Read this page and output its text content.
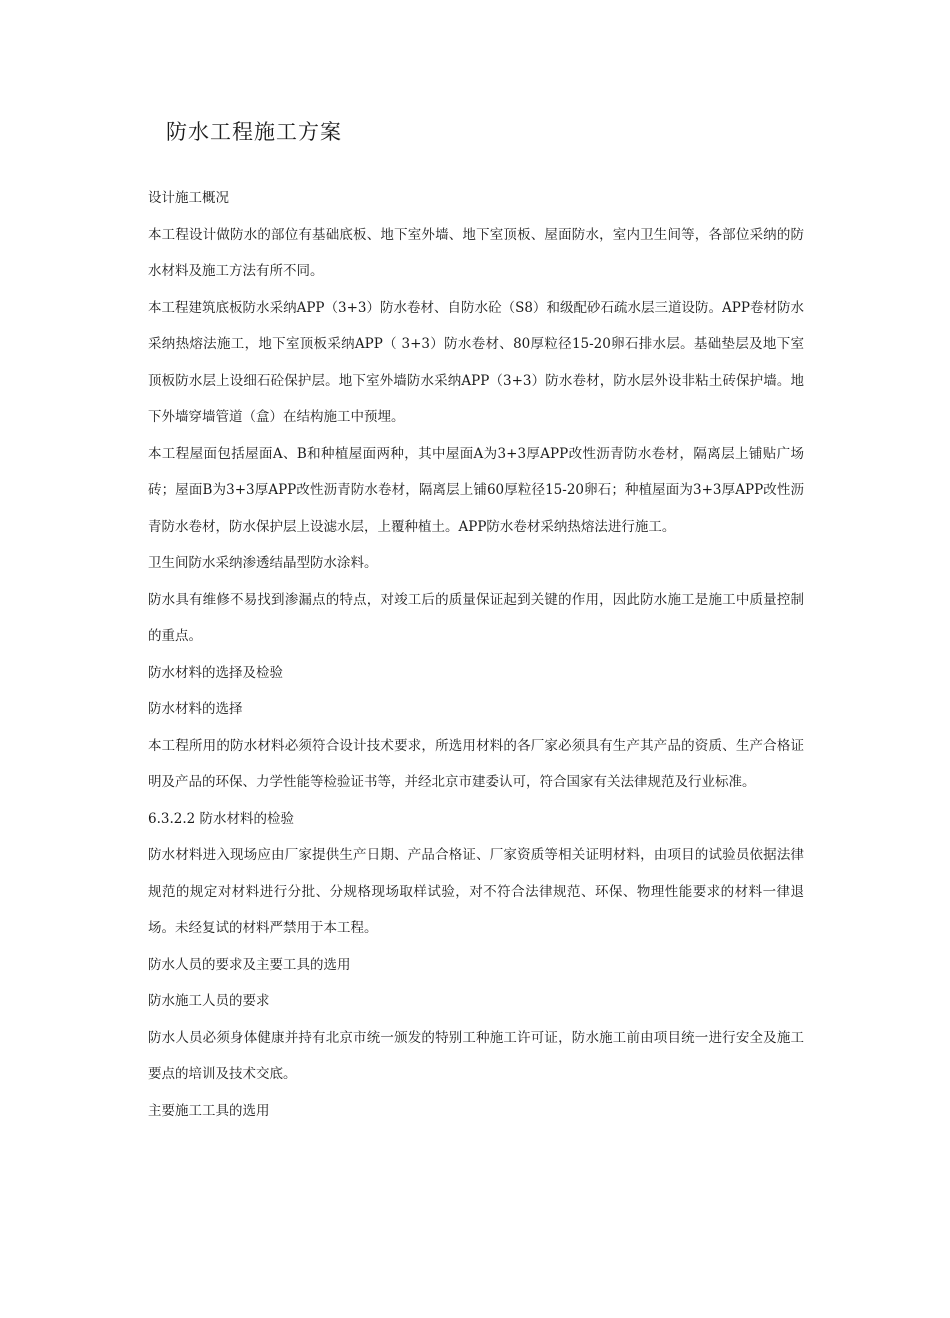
防水工程施工方案

设计施工概况

本工程设计做防水的部位有基础底板、地下室外墙、地下室顶板、屋面防水，室内卫生间等，各部位采纳的防水材料及施工方法有所不同。

本工程建筑底板防水采纳APP（3+3）防水卷材、自防水砼（S8）和级配砂石疏水层三道设防。APP卷材防水采纳热熔法施工，地下室顶板采纳APP（ 3+3）防水卷材、80厚粒径15-20卵石排水层。基础垫层及地下室顶板防水层上设细石砼保护层。地下室外墙防水采纳APP（3+3）防水卷材，防水层外设非粘土砖保护墙。地下外墙穿墙管道（盒）在结构施工中预埋。

本工程屋面包括屋面A、B和种植屋面两种，其中屋面A为3+3厚APP改性沥青防水卷材，隔离层上铺贴广场砖；屋面B为3+3厚APP改性沥青防水卷材，隔离层上铺60厚粒径15-20卵石；种植屋面为3+3厚APP改性沥青防水卷材，防水保护层上设滤水层，上覆种植土。APP防水卷材采纳热熔法进行施工。

卫生间防水采纳渗透结晶型防水涂料。

防水具有维修不易找到渗漏点的特点，对竣工后的质量保证起到关键的作用，因此防水施工是施工中质量控制的重点。

防水材料的选择及检验

防水材料的选择

本工程所用的防水材料必须符合设计技术要求，所选用材料的各厂家必须具有生产其产品的资质、生产合格证明及产品的环保、力学性能等检验证书等，并经北京市建委认可，符合国家有关法律规范及行业标准。

6.3.2.2 防水材料的检验

防水材料进入现场应由厂家提供生产日期、产品合格证、厂家资质等相关证明材料，由项目的试验员依据法律规范的规定对材料进行分批、分规格现场取样试验，对不符合法律规范、环保、物理性能要求的材料一律退场。未经复试的材料严禁用于本工程。

防水人员的要求及主要工具的选用

防水施工人员的要求

防水人员必须身体健康并持有北京市统一颁发的特别工种施工许可证，防水施工前由项目统一进行安全及施工要点的培训及技术交底。

主要施工工具的选用
